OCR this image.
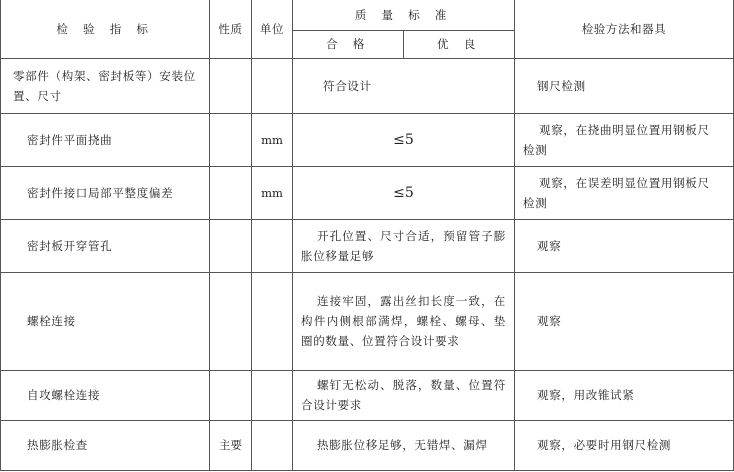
检 验 指 标	性质	单位	质 量 标 准		检验方法和器具
			合 格	优 良	
零部件（构架、密封板等）安装位置、尺寸			符合设计		钢尺检测
密封件平面挠曲		mm	≤5		观察，在挠曲明显位置用钢板尺检测
密封件接口局部平整度偏差		mm	≤5		观察，在误差明显位置用钢板尺检测
密封板开穿管孔			开孔位置、尺寸合适，预留管子膨胀位移量足够		观察
螺栓连接			连接牢固，露出丝扣长度一致，在构件内侧根部满焊，螺栓、螺母、垫圈的数量、位置符合设计要求		观察
自攻螺栓连接			螺钉无松动、脱落，数量、位置符合设计要求		观察，用改锥试紧
热膨胀检查	主要		热膨胀位移足够，无错焊、漏焊		观察，必要时用钢尺检测
